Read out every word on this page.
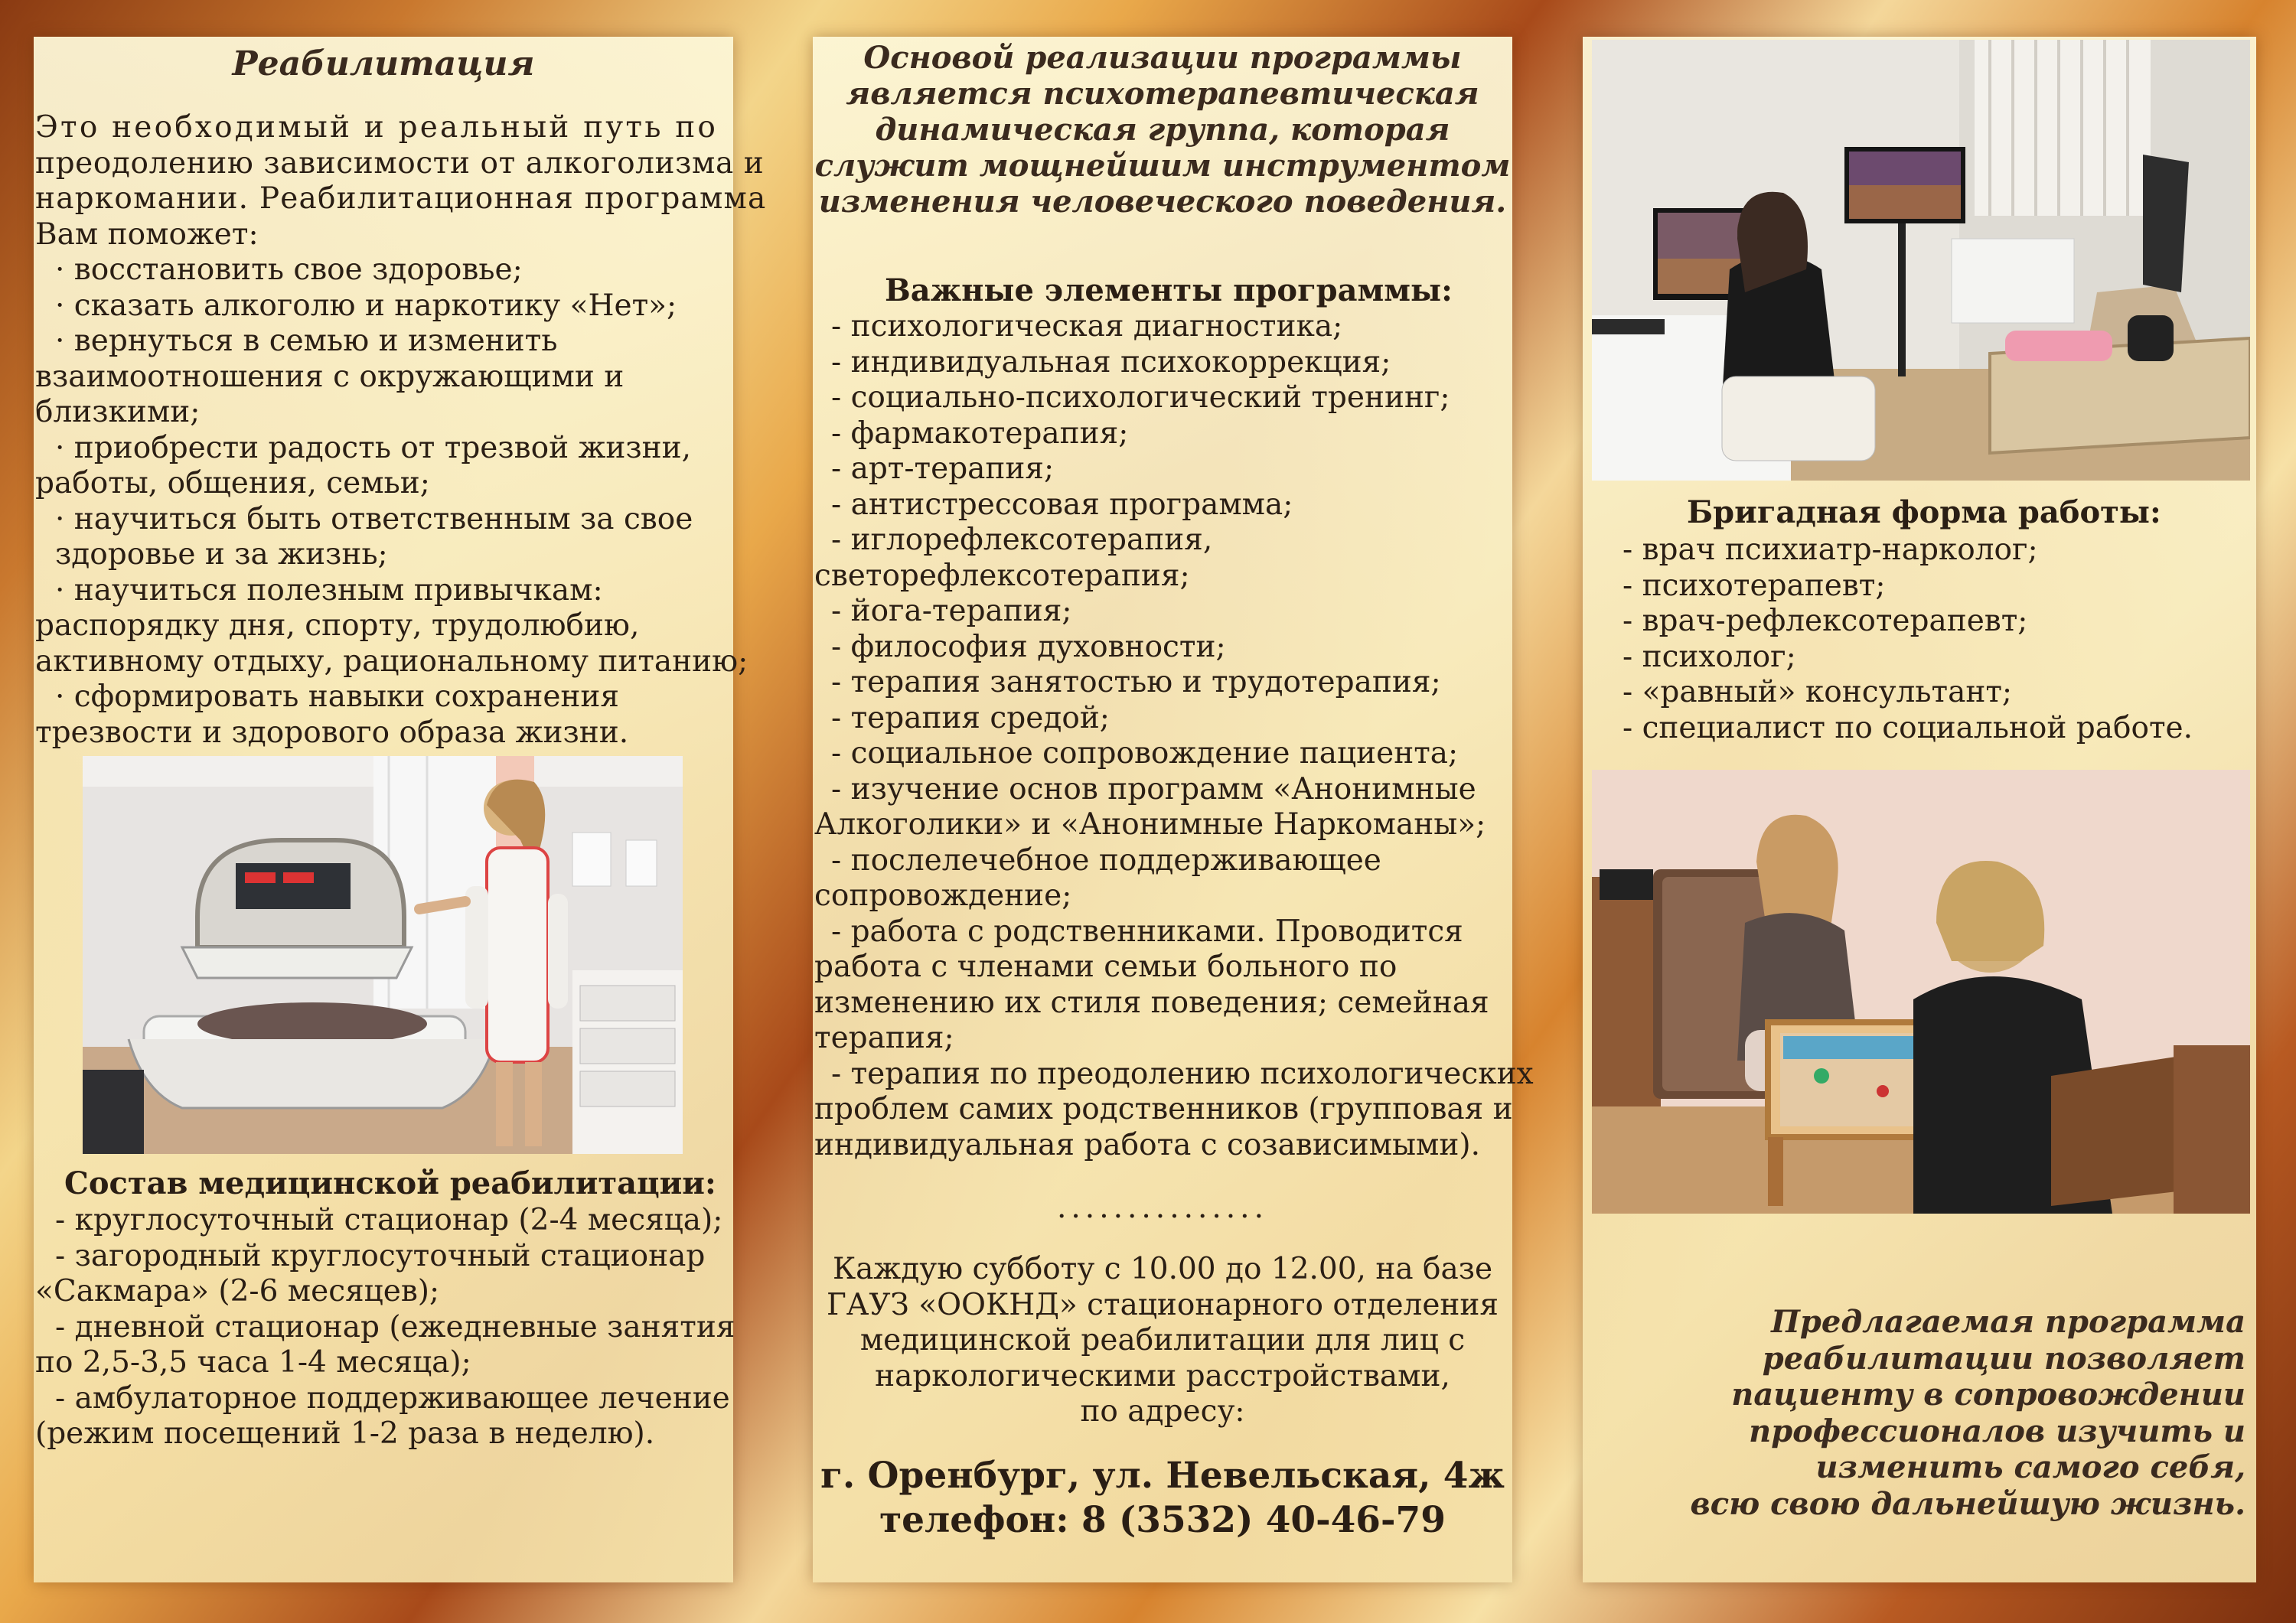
Реабилитация
Это необходимый и реальный путь по
преодолению зависимости от алкоголизма и
наркомании. Реабилитационная программа
Вам поможет:
· восстановить свое здоровье;
· сказать алкоголю и наркотику «Нет»;
· вернуться в семью и изменить
взаимоотношения с окружающими и
близкими;
· приобрести радость от трезвой жизни,
работы, общения, семьи;
· научиться быть ответственным за свое
здоровье и за жизнь;
· научиться полезным привычкам:
распорядку дня, спорту, трудолюбию,
активному отдыху, рациональному питанию;
· сформировать навыки сохранения
трезвости и здорового образа жизни.
Состав медицинской реабилитации:
- круглосуточный стационар (2-4 месяца);
- загородный круглосуточный стационар
«Сакмара» (2-6 месяцев);
- дневной стационар (ежедневные занятия
по 2,5-3,5 часа 1-4 месяца);
- амбулаторное поддерживающее лечение
(режим посещений 1-2 раза в неделю).
Основой реализации программы
является психотерапевтическая
динамическая группа, которая
служит мощнейшим инструментом
изменения человеческого поведения.
Важные элементы программы:
- психологическая диагностика;
- индивидуальная психокоррекция;
- социально-психологический тренинг;
- фармакотерапия;
- арт-терапия;
- антистрессовая программа;
- иглорефлексотерапия,
светорефлексотерапия;
- йога-терапия;
- философия духовности;
- терапия занятостью и трудотерапия;
- терапия средой;
- социальное сопровождение пациента;
- изучение основ программ «Анонимные
Алкоголики» и «Анонимные Наркоманы»;
- послелечебное поддерживающее
сопровождение;
- работа с родственниками. Проводится
работа с членами семьи больного по
изменению их стиля поведения; семейная
терапия;
- терапия по преодолению психологических
проблем самих родственников (групповая и
индивидуальная работа с созависимыми).
...............
Каждую субботу с 10.00 до 12.00, на базе
ГАУЗ «ООКНД» стационарного отделения
медицинской реабилитации для лиц с
наркологическими расстройствами,
по адресу:
г. Оренбург, ул. Невельская, 4ж
телефон: 8 (3532) 40-46-79
Бригадная форма работы:
- врач психиатр-нарколог;
- психотерапевт;
- врач-рефлексотерапевт;
- психолог;
- «равный» консультант;
- специалист по социальной работе.
Предлагаемая программа
реабилитации позволяет
пациенту в сопровождении
профессионалов изучить и
изменить самого себя,
всю свою дальнейшую жизнь.
